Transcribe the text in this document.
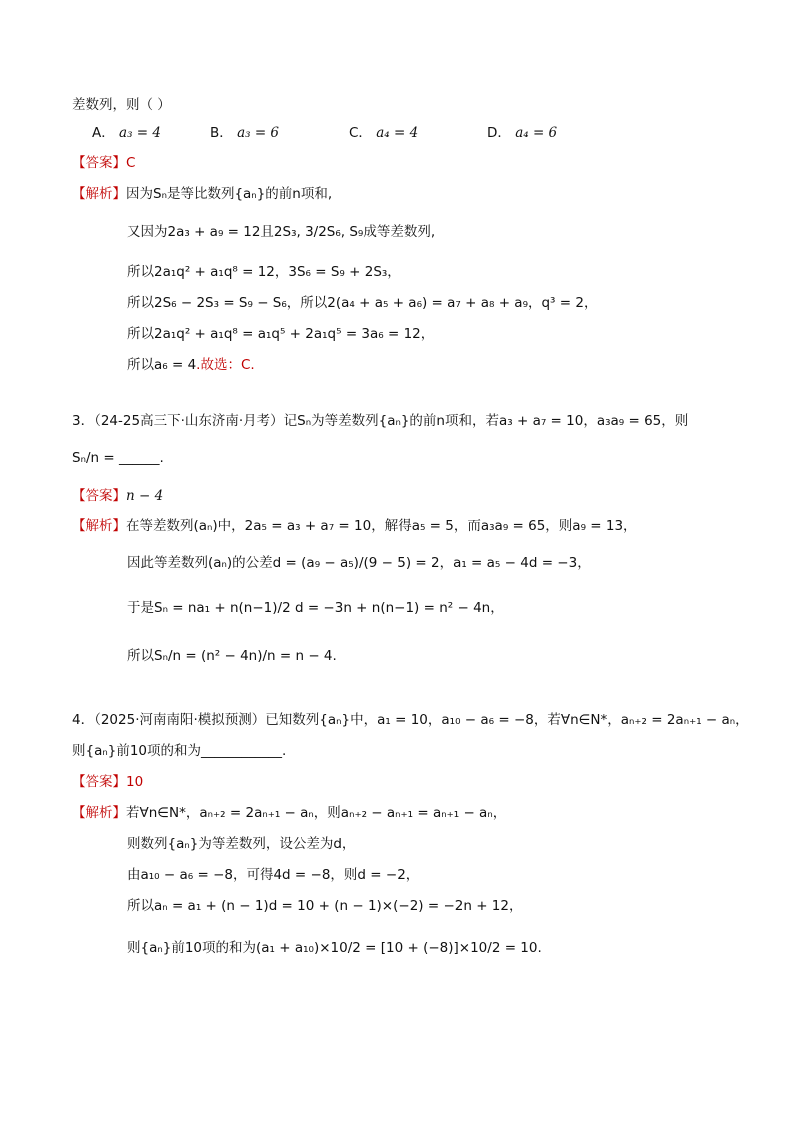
差数列，则（ ）
A． a₃ = 4	B． a₃ = 6	C． a₄ = 4	D． a₄ = 6
【答案】C
【解析】因为Sₙ是等比数列{aₙ}的前n项和,
又因为2a₃ + a₉ = 12且2S₃, 3/2S₆, S₉成等差数列,
所以2a₁q² + a₁q⁸ = 12，3S₆ = S₉ + 2S₃，
所以2S₆ − 2S₃ = S₉ − S₆，所以2(a₄ + a₅ + a₆) = a₇ + a₈ + a₉，q³ = 2，
所以2a₁q² + a₁q⁸ = a₁q⁵ + 2a₁q⁵ = 3a₆ = 12，
所以a₆ = 4.故选：C.
3．（24-25高三下·山东济南·月考）记Sₙ为等差数列{aₙ}的前n项和，若a₃ + a₇ = 10，a₃a₉ = 65，则
Sₙ/n = ______.
【答案】n − 4
【解析】在等差数列(aₙ)中，2a₅ = a₃ + a₇ = 10，解得a₅ = 5，而a₃a₉ = 65，则a₉ = 13，
因此等差数列(aₙ)的公差d = (a₉ − a₅)/(9 − 5) = 2，a₁ = a₅ − 4d = −3，
于是Sₙ = na₁ + n(n−1)/2 d = −3n + n(n−1) = n² − 4n，
所以Sₙ/n = (n² − 4n)/n = n − 4.
4．（2025·河南南阳·模拟预测）已知数列{aₙ}中，a₁ = 10，a₁₀ − a₆ = −8，若∀n∈N*，aₙ₊₂ = 2aₙ₊₁ − aₙ，
则{aₙ}前10项的和为____________.
【答案】10
【解析】若∀n∈N*，aₙ₊₂ = 2aₙ₊₁ − aₙ，则aₙ₊₂ − aₙ₊₁ = aₙ₊₁ − aₙ，
则数列{aₙ}为等差数列，设公差为d，
由a₁₀ − a₆ = −8，可得4d = −8，则d = −2，
所以aₙ = a₁ + (n − 1)d = 10 + (n − 1)×(−2) = −2n + 12，
则{aₙ}前10项的和为(a₁ + a₁₀)×10/2 = [10 + (−8)]×10/2 = 10.
